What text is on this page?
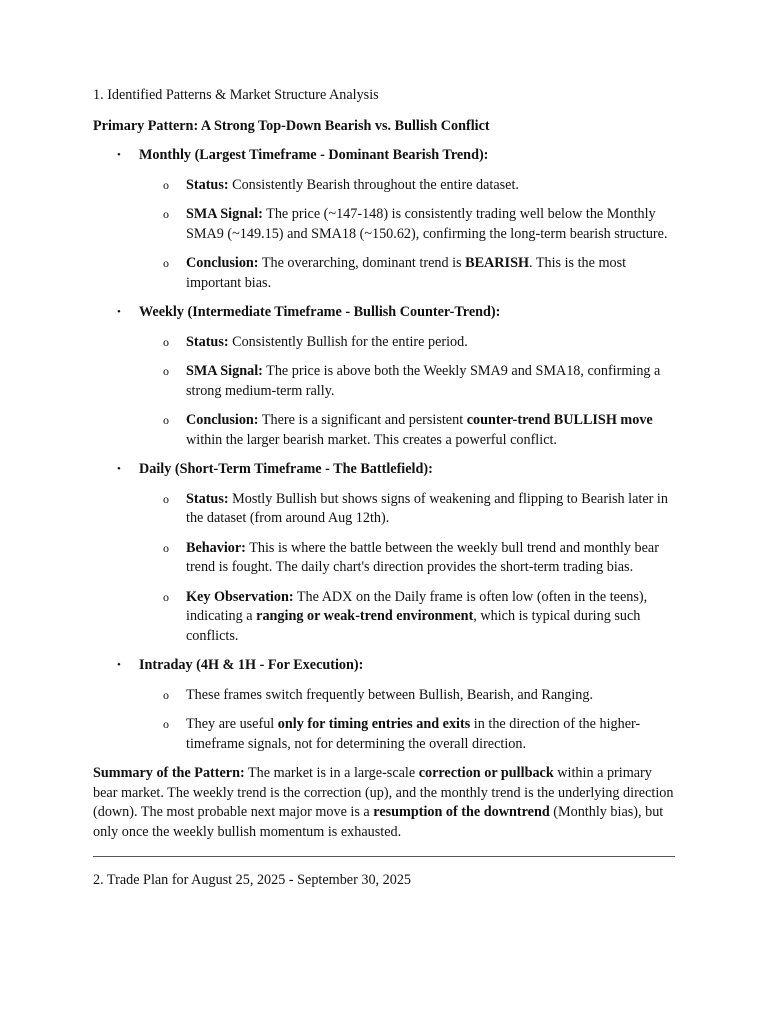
1. Identified Patterns & Market Structure Analysis
Primary Pattern: A Strong Top-Down Bearish vs. Bullish Conflict
• Monthly (Largest Timeframe - Dominant Bearish Trend):
o Status: Consistently Bearish throughout the entire dataset.
o SMA Signal: The price (~147-148) is consistently trading well below the Monthly SMA9 (~149.15) and SMA18 (~150.62), confirming the long-term bearish structure.
o Conclusion: The overarching, dominant trend is BEARISH. This is the most important bias.
• Weekly (Intermediate Timeframe - Bullish Counter-Trend):
o Status: Consistently Bullish for the entire period.
o SMA Signal: The price is above both the Weekly SMA9 and SMA18, confirming a strong medium-term rally.
o Conclusion: There is a significant and persistent counter-trend BULLISH move within the larger bearish market. This creates a powerful conflict.
• Daily (Short-Term Timeframe - The Battlefield):
o Status: Mostly Bullish but shows signs of weakening and flipping to Bearish later in the dataset (from around Aug 12th).
o Behavior: This is where the battle between the weekly bull trend and monthly bear trend is fought. The daily chart's direction provides the short-term trading bias.
o Key Observation: The ADX on the Daily frame is often low (often in the teens), indicating a ranging or weak-trend environment, which is typical during such conflicts.
• Intraday (4H & 1H - For Execution):
o These frames switch frequently between Bullish, Bearish, and Ranging.
o They are useful only for timing entries and exits in the direction of the higher-timeframe signals, not for determining the overall direction.
Summary of the Pattern: The market is in a large-scale correction or pullback within a primary bear market. The weekly trend is the correction (up), and the monthly trend is the underlying direction (down). The most probable next major move is a resumption of the downtrend (Monthly bias), but only once the weekly bullish momentum is exhausted.
2. Trade Plan for August 25, 2025 - September 30, 2025
